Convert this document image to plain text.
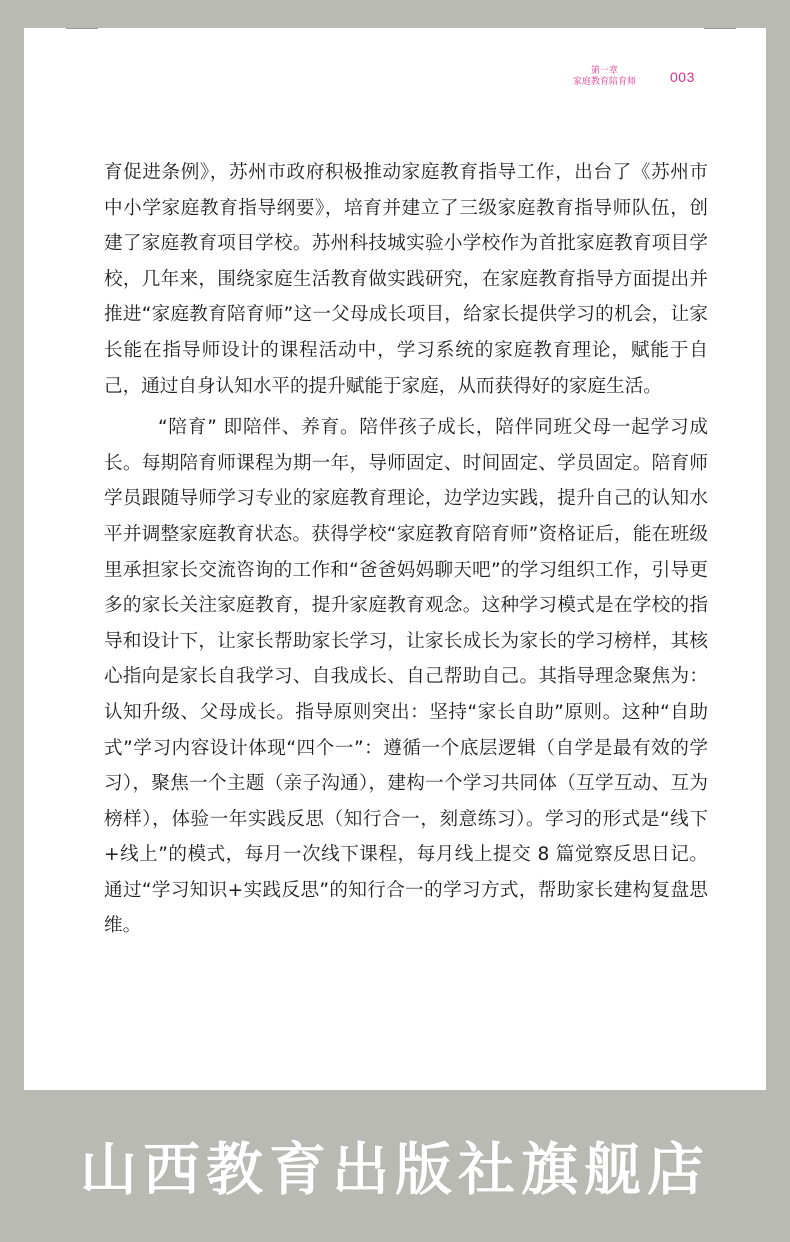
第一章
家庭教育陪育师 003

育促进条例》，苏州市政府积极推动家庭教育指导工作，出台了《苏州市中小学家庭教育指导纲要》，培育并建立了三级家庭教育指导师队伍，创建了家庭教育项目学校。苏州科技城实验小学校作为首批家庭教育项目学校，几年来，围绕家庭生活教育做实践研究，在家庭教育指导方面提出并推进“家庭教育陪育师”这一父母成长项目，给家长提供学习的机会，让家长能在指导师设计的课程活动中，学习系统的家庭教育理论，赋能于自己，通过自身认知水平的提升赋能于家庭，从而获得好的家庭生活。

“陪育” 即陪伴、养育。陪伴孩子成长，陪伴同班父母一起学习成长。每期陪育师课程为期一年，导师固定、时间固定、学员固定。陪育师学员跟随导师学习专业的家庭教育理论，边学边实践，提升自己的认知水平并调整家庭教育状态。获得学校“家庭教育陪育师”资格证后，能在班级里承担家长交流咨询的工作和“爸爸妈妈聊天吧”的学习组织工作，引导更多的家长关注家庭教育，提升家庭教育观念。这种学习模式是在学校的指导和设计下，让家长帮助家长学习，让家长成长为家长的学习榜样，其核心指向是家长自我学习、自我成长、自己帮助自己。其指导理念聚焦为：认知升级、父母成长。指导原则突出：坚持“家长自助”原则。这种“自助式”学习内容设计体现“四个一”：遵循一个底层逻辑（自学是最有效的学习），聚焦一个主题（亲子沟通），建构一个学习共同体（互学互动、互为榜样），体验一年实践反思（知行合一，刻意练习）。学习的形式是“线下+线上”的模式，每月一次线下课程，每月线上提交 8 篇觉察反思日记。通过“学习知识+实践反思”的知行合一的学习方式，帮助家长建构复盘思维。

山西教育出版社旗舰店
